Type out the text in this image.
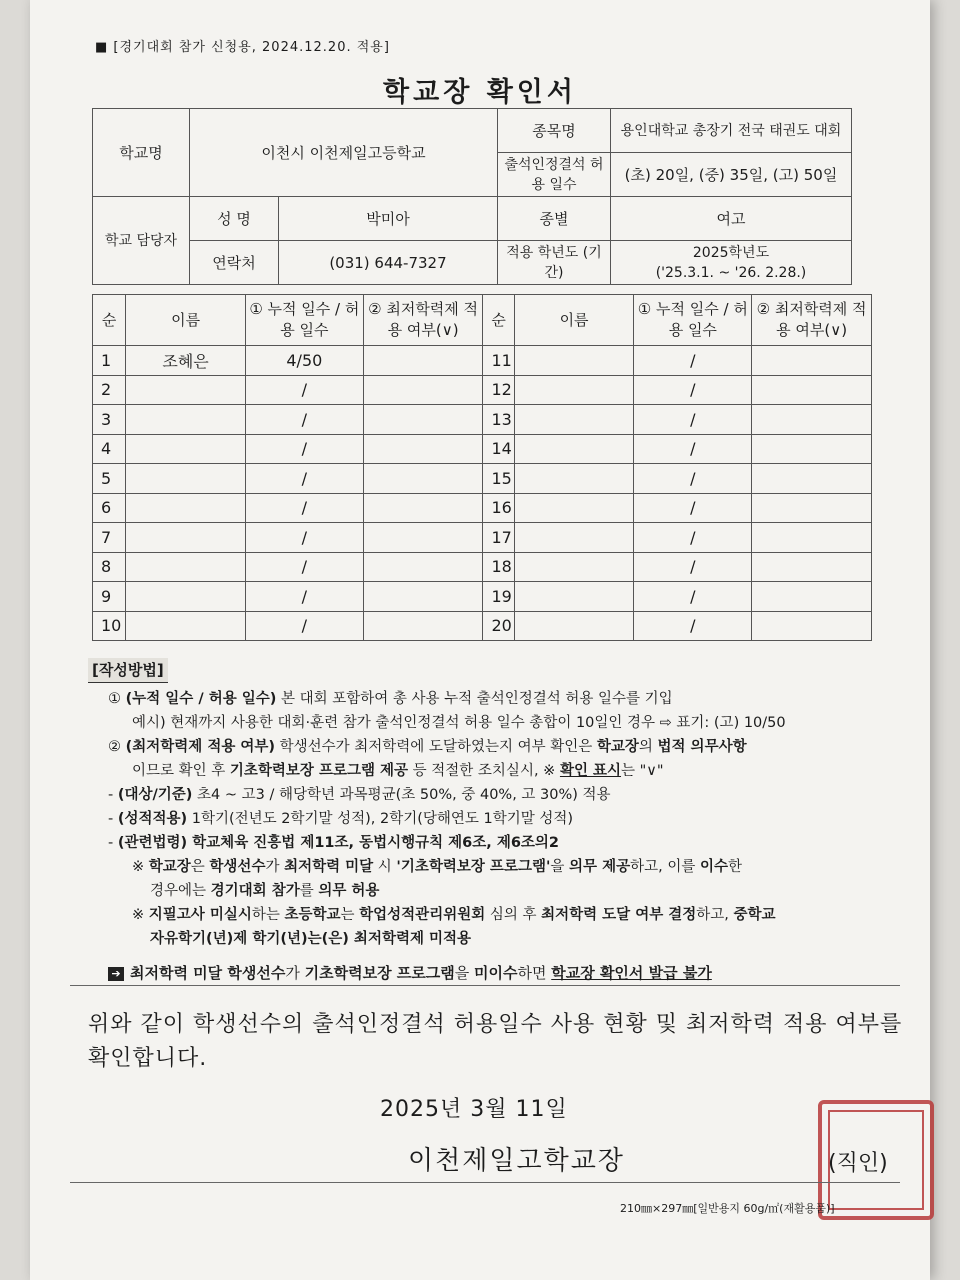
■ [경기대회 참가 신청용, 2024.12.20. 적용]
학교장 확인서
학교명	이천시 이천제일고등학교		종목명	용인대학교 총장기 전국 태권도 대회
			출석인정결석 허용 일수	(초) 20일, (중) 35일, (고) 50일
학교 담당자	성 명	박미아	종별	여고
	연락처	(031) 644-7327	적용 학년도 (기간)	2025학년도
('25.3.1. ~ '26. 2.28.)
순	이름	① 누적 일수 / 허용 일수	② 최저학력제 적용 여부(∨)	순	이름	① 누적 일수 / 허용 일수	② 최저학력제 적용 여부(∨)
1	조혜은	4/50		11		/	
2		/		12		/	
3		/		13		/	
4		/		14		/	
5		/		15		/	
6		/		16		/	
7		/		17		/	
8		/		18		/	
9		/		19		/	
10		/		20		/	

[작성방법]

① (누적 일수 / 허용 일수) 본 대회 포함하여 총 사용 누적 출석인정결석 허용 일수를 기입

예시) 현재까지 사용한 대회·훈련 참가 출석인정결석 허용 일수 총합이 10일인 경우 ⇨ 표기: (고) 10/50

② (최저학력제 적용 여부) 학생선수가 최저학력에 도달하였는지 여부 확인은 학교장의 법적 의무사항

이므로 확인 후 기초학력보장 프로그램 제공 등 적절한 조치실시, ※ 확인 표시는 "∨"

- (대상/기준) 초4 ~ 고3 / 해당학년 과목평균(초 50%, 중 40%, 고 30%) 적용

- (성적적용) 1학기(전년도 2학기말 성적), 2학기(당해연도 1학기말 성적)

- (관련법령) 학교체육 진흥법 제11조, 동법시행규칙 제6조, 제6조의2

※ 학교장은 학생선수가 최저학력 미달 시 '기초학력보장 프로그램'을 의무 제공하고, 이를 이수한

경우에는 경기대회 참가를 의무 허용

※ 지필고사 미실시하는 초등학교는 학업성적관리위원회 심의 후 최저학력 도달 여부 결정하고, 중학교

자유학기(년)제 학기(년)는(은) 최저학력제 미적용

➔ 최저학력 미달 학생선수가 기초학력보장 프로그램을 미이수하면 학교장 확인서 발급 불가

위와 같이 학생선수의 출석인정결석 허용일수 사용 현황 및 최저학력 적용 여부를 확인합니다.
2025년 3월 11일
이천제일고학교장	(직인)
210㎜×297㎜[일반용지 60g/㎡(재활용품)]
